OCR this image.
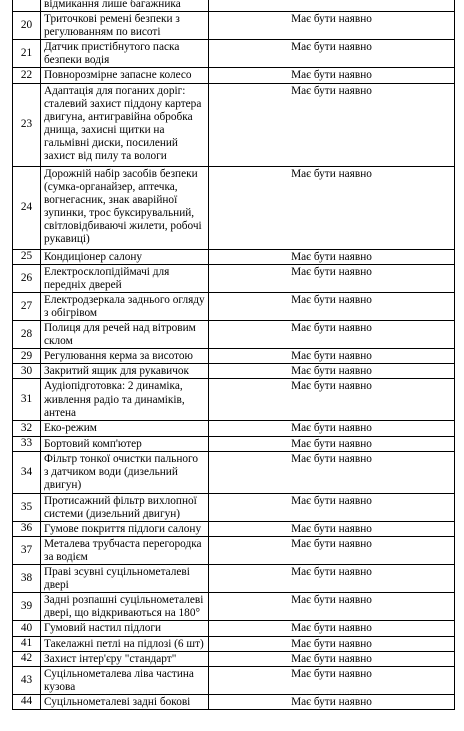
	відмикання лише багажника	
20	Триточкові ремені безпеки з регулюванням по висоті	Має бути наявно
21	Датчик пристібнутого паска безпеки водія	Має бути наявно
22	Повнорозмірне запасне колесо	Має бути наявно
23	Адаптація для поганих доріг: сталевий захист піддону картера двигуна, антигравійна обробка днища, захисні щитки на гальмівні диски, посилений захист від пилу та вологи	Має бути наявно
24	Дорожній набір засобів безпеки (сумка-органайзер, аптечка, вогнегасник, знак аварійної зупинки, трос буксирувальний, світловідбиваючі жилети, робочі рукавиці)	Має бути наявно
25	Кондиціонер салону	Має бути наявно
26	Електросклопідіймачі для передніх дверей	Має бути наявно
27	Електродзеркала заднього огляду з обігрівом	Має бути наявно
28	Полиця для речей над вітровим склом	Має бути наявно
29	Регулювання керма за висотою	Має бути наявно
30	Закритий ящик для рукавичок	Має бути наявно
31	Аудіопідготовка: 2 динаміка, живлення радіо та динаміків, антена	Має бути наявно
32	Еко-режим	Має бути наявно
33	Бортовий комп'ютер	Має бути наявно
34	Фільтр тонкої очистки пального з датчиком води (дизельний двигун)	Має бути наявно
35	Протисажний фільтр вихлопної системи (дизельний двигун)	Має бути наявно
36	Гумове покриття підлоги салону	Має бути наявно
37	Металева трубчаста перегородка за водієм	Має бути наявно
38	Праві зсувні суцільнометалеві двері	Має бути наявно
39	Задні розпашні суцільнометалеві двері, що відкриваються на 180°	Має бути наявно
40	Гумовий настил підлоги	Має бути наявно
41	Такелажні петлі на підлозі (6 шт)	Має бути наявно
42	Захист інтер'єру "стандарт"	Має бути наявно
43	Суцільнометалева ліва частина кузова	Має бути наявно
44	Суцільнометалеві задні бокові	Має бути наявно
